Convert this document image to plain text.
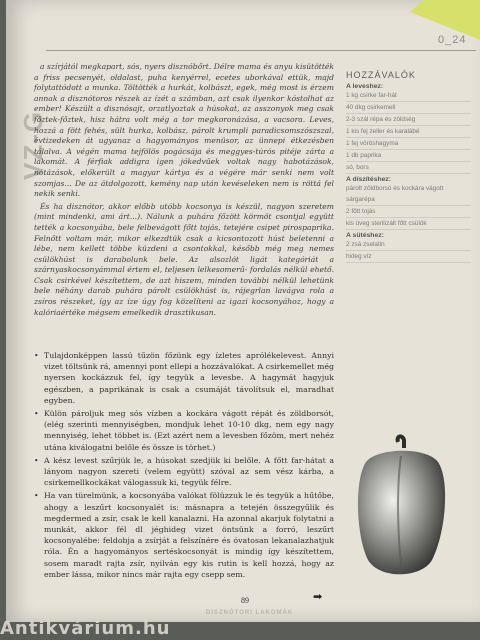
0_24
VZ-G

a szírjától megkapart, sós, nyers disznóbőrt. Délre mama és anyu kisütötték a friss pecsenyét, oldalast, puha kenyérrel, ecetes uborkával ettük, majd folytattódott a munka. Töltötték a hurkát, kolbászt, egek, még most is érzem annak a disznótoros részek az ízét a számban, azt csak ilyenkor kóstolhat az ember! Készült a disznósajt, orzatlyoztak a húsokat, az asszonyok meg csak főztek-főztek, hisz hátra volt még a tor megkoronázása, a vacsora. Leves, hozzá a fött fehés, sült hurka, kolbász, párolt krumpli paradicsomszószszal, évtizedeken át ugyanaz a hagyományos menüsor, az ünnepi étkezésben tálalva. A végén mama tejfölös pogácsája és meggyes-túrós pitéje zárta a lakomát. A férfiak addigra igen jókedvűek voltak nagy habotázások, nótázások, előkerült a magyar kártya és a végére már senki nem volt szomjas... De az átdolgozott, kemény nap után kevéseleken nem is röttá fel nekik senki.

És ha disznótor, akkor előbb utóbb kocsonya is készül, nagyon szeretem (mint mindenki, ami árt...). Nálunk a puhára főzött körmöt csontjal együtt tették a kocsonyába, bele felbevágott főtt tojás, tetejére csipet pirospaprika. Felnőtt voltam már, mikor elkezdtük csak a kicsontozott húst beletenni a lébe, nem kellett többe küzdeni a csontokkal, később még meg nemes csülökhúst is darabolunk bele. Az alsozlót ligát kategóriát a szárnyaskocsonyámmal értem el, teljesen lelkesomerű- fordalás nélkül ehető. Csak csirkével készítettem, de azt hiszem, minden további nélkül lehetünk bele néhány darab puhára párolt csülökhúst is, rájegrlan lavágva rola a zsíros részeket, így az íze úgy fog közelíteni az igazi kocsonyához, hogy a kalóriaértéke mégsem emelkedik drasztikusan.

HOZZÁVALÓK
A leveshez:
1 kg csirke far-hát
40 dkg csirkemell
2-3 szál répa és zöldség
1 kis fej zeller és karalábé
1 fej vöröshagyma
1 db paprika
só, bors
A díszítéshez:
párolt zöldborsó és kockára vágott sárgarépa
2 főtt tojás
kis üveg sterilizált főtt csülök
A sütéshez:
2 zsá zselatin
hideg víz
• Tulajdonképpen lassú tűzön főzünk egy ízletes aprólékelevest. Annyi vizet töltsünk rá, amennyi pont ellepi a hozzávalókat. A csirkemellet még nyersen kockázzuk fel, így tegyük a levesbe. A hagymát hagyjuk egészben, a paprikának is csak a csumáját távolítsuk el, maradhat egyben.
• Külön pároljuk meg sós vízben a kockára vágott répát és zöldborsót, (elég szerinti mennyiségben, mondjuk lehet 10-10 dkg, nem egy nagy mennyiség, lehet többet is. (Ezt azért nem a levesben főzöm, mert nehéz utána kiválogatni belőle és össze is törhet.)
• A kész levest szűrjük le, a húsokat szedjük ki belőle. A főtt far-hátat a lányom nagyon szereti (velem együtt) szóval az sem vész kárba, a csirkemellkockákat válogassuk ki, tegyük félre.
• Ha van türelmünk, a kocsonyába valókat fölüzzuk le és tegyük a hűtőbe, ahogy a leszűrt kocsonyalét is: másnapra a tetején összegyűlik és megdermed a zsír, csak le kell kanalazni. Ha azonnal akarjuk folytatni a munkát, akkor fél dl jéghideg vizet öntsünk a forró, leszűrt kocsonyalébe: feldobja a zsírját a felszínére és óvatosan lekanalazhatjuk róla. Én a hagyományos sertéskocsonyát is mindig így készítettem, sosem maradt rajta zsír, nyilván egy kis rutin is kell hozzá, hogy az ember lássa, mikor nincs már rajta egy csepp sem.
➡
89
DISZNÓTORI LAKOMÁK
Antikvárium.hu
